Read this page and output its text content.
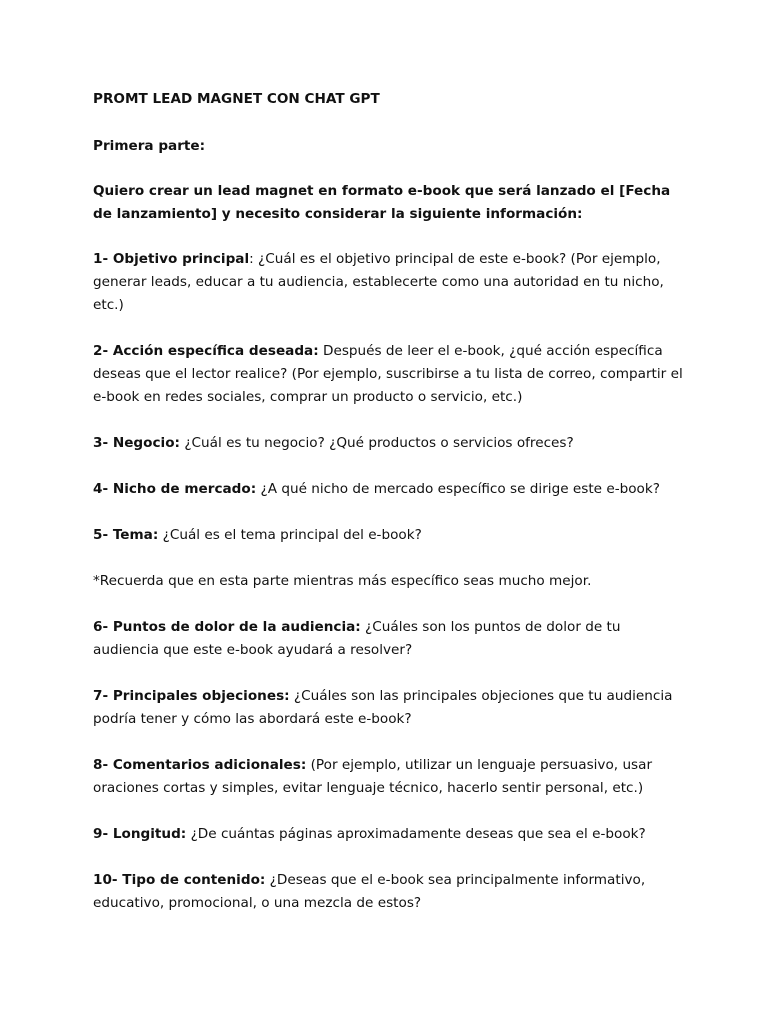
PROMT LEAD MAGNET CON CHAT GPT

Primera parte:

Quiero crear un lead magnet en formato e-book que será lanzado el [Fecha de lanzamiento] y necesito considerar la siguiente información:

1- Objetivo principal: ¿Cuál es el objetivo principal de este e-book? (Por ejemplo, generar leads, educar a tu audiencia, establecerte como una autoridad en tu nicho, etc.)

2- Acción específica deseada: Después de leer el e-book, ¿qué acción específica deseas que el lector realice? (Por ejemplo, suscribirse a tu lista de correo, compartir el e-book en redes sociales, comprar un producto o servicio, etc.)

3- Negocio: ¿Cuál es tu negocio? ¿Qué productos o servicios ofreces?

4- Nicho de mercado: ¿A qué nicho de mercado específico se dirige este e-book?

5- Tema: ¿Cuál es el tema principal del e-book?

*Recuerda que en esta parte mientras más específico seas mucho mejor.

6- Puntos de dolor de la audiencia: ¿Cuáles son los puntos de dolor de tu audiencia que este e-book ayudará a resolver?

7- Principales objeciones: ¿Cuáles son las principales objeciones que tu audiencia podría tener y cómo las abordará este e-book?

8- Comentarios adicionales: (Por ejemplo, utilizar un lenguaje persuasivo, usar oraciones cortas y simples, evitar lenguaje técnico, hacerlo sentir personal, etc.)

9- Longitud: ¿De cuántas páginas aproximadamente deseas que sea el e-book?

10- Tipo de contenido: ¿Deseas que el e-book sea principalmente informativo, educativo, promocional, o una mezcla de estos?
